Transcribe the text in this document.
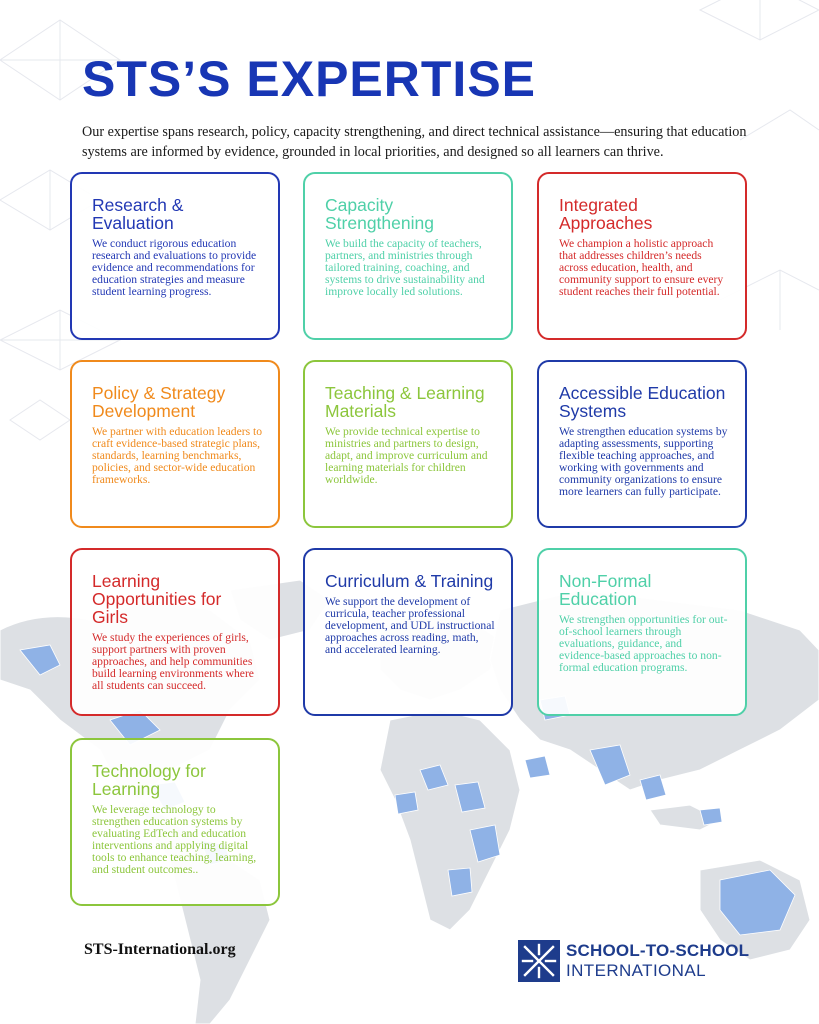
STS’S EXPERTISE

Our expertise spans research, policy, capacity strengthening, and direct technical assistance—ensuring that education systems are informed by evidence, grounded in local priorities, and designed so all learners can thrive.

Research & Evaluation

We conduct rigorous education research and evaluations to provide evidence and recommendations for education strategies and measure student learning progress.

Capacity Strengthening

We build the capacity of teachers, partners, and ministries through tailored training, coaching, and systems to drive sustainability and improve locally led solutions.

Integrated Approaches

We champion a holistic approach that addresses children’s needs across education, health, and community support to ensure every student reaches their full potential.

Policy & Strategy Development

We partner with education leaders to craft evidence-based strategic plans, standards, learning benchmarks, policies, and sector-wide education frameworks.

Teaching & Learning Materials

We provide technical expertise to ministries and partners to design, adapt, and improve curriculum and learning materials for children worldwide.

Accessible Education Systems

We strengthen education systems by adapting assessments, supporting flexible teaching approaches, and working with governments and community organizations to ensure more learners can fully participate.

Learning Opportunities for Girls

We study the experiences of girls, support partners with proven approaches, and help communities build learning environments where all students can succeed.

Curriculum & Training

We support the development of curricula, teacher professional development, and UDL instructional approaches across reading, math, and accelerated learning.

Non-Formal Education

We strengthen opportunities for out-of-school learners through evaluations, guidance, and evidence-based approaches to non-formal education programs.

Technology for Learning

We leverage technology to strengthen education systems by evaluating EdTech and education interventions and applying digital tools to enhance teaching, learning, and student outcomes..

STS-International.org	SCHOOL-TO-SCHOOL
INTERNATIONAL
